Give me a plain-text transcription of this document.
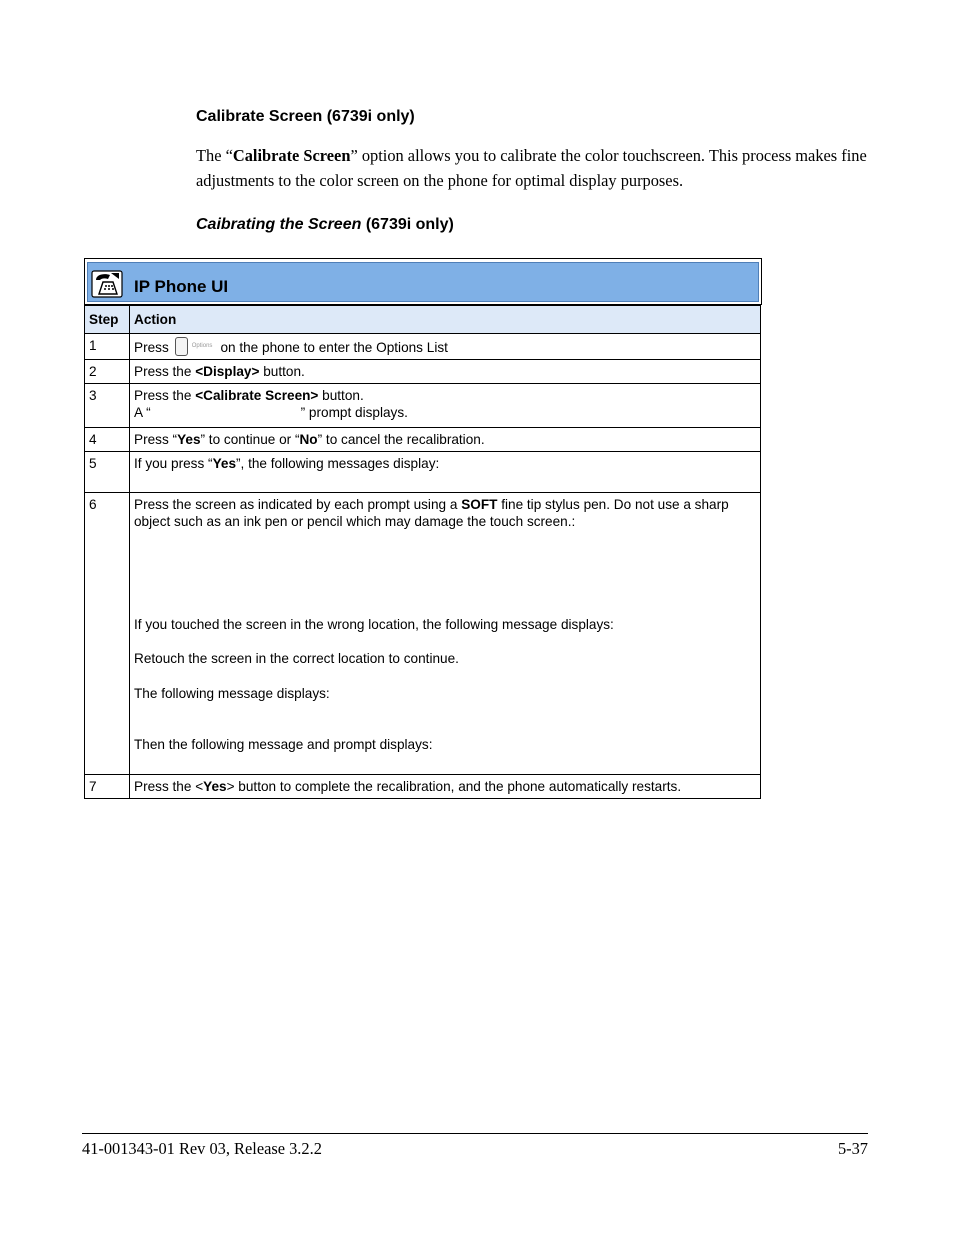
Calibrate Screen (6739i only)

The “Calibrate Screen” option allows you to calibrate the color touchscreen. This process makes fine adjustments to the color screen on the phone for optimal display purposes.

Caibrating the Screen (6739i only)
IP Phone UI
Step	Action
1	Press $^{Options}$ on the phone to enter the Options List
2	Press the <Display> button.
3	Press the <Calibrate Screen> button.
A “ ” prompt displays.
4	Press “Yes” to continue or “No” to cancel the recalibration.
5	If you press “Yes”, the following messages display:
6	Press the screen as indicated by each prompt using a SOFT fine tip stylus pen. Do not use a sharp object such as an ink pen or pencil which may damage the touch screen.:

If you touched the screen in the wrong location, the following message displays:

Retouch the screen in the correct location to continue.

The following message displays:

Then the following message and prompt displays:

7	Press the <Yes> button to complete the recalibration, and the phone automatically restarts.
41-001343-01 Rev 03, Release 3.2.2	5-37
